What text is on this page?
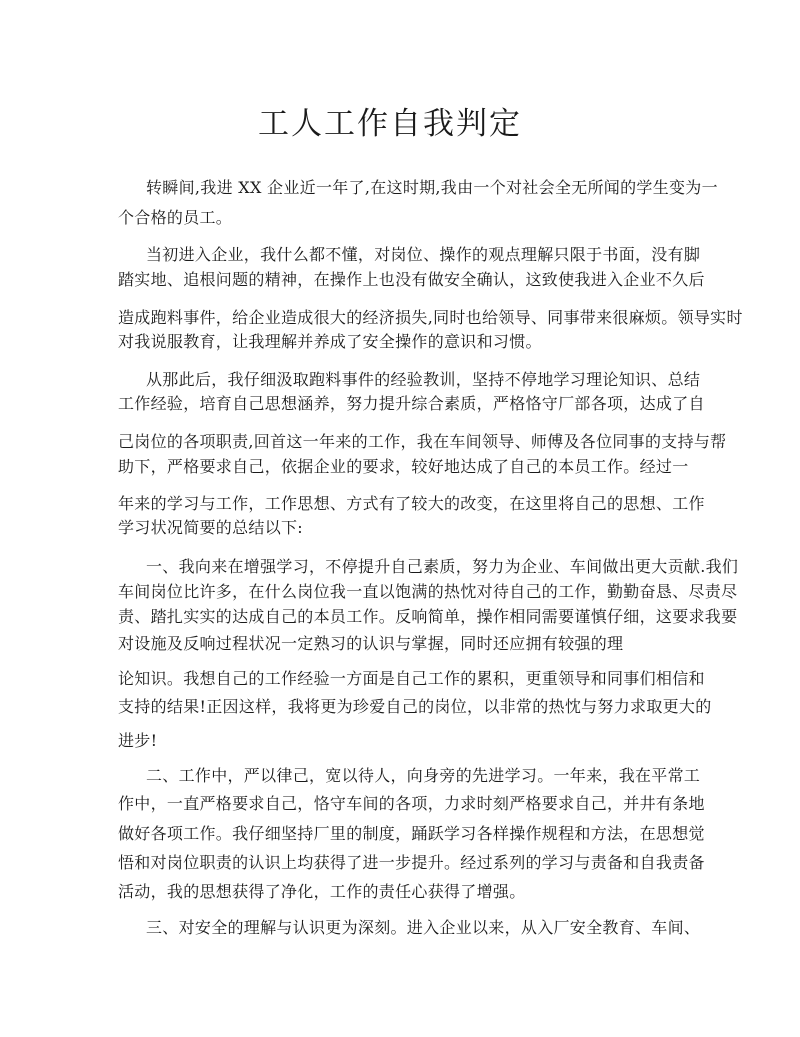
工人工作自我判定
转瞬间,我进 XX 企业近一年了,在这时期,我由一个对社会全无所闻的学生变为一
个合格的员工。
当初进入企业，我什么都不懂，对岗位、操作的观点理解只限于书面，没有脚
踏实地、追根问题的精神，在操作上也没有做安全确认，这致使我进入企业不久后
造成跑料事件，给企业造成很大的经济损失,同时也给领导、同事带来很麻烦。领导实时
对我说服教育，让我理解并养成了安全操作的意识和习惯。
从那此后，我仔细汲取跑料事件的经验教训，坚持不停地学习理论知识、总结
工作经验，培育自己思想涵养，努力提升综合素质，严格恪守厂部各项，达成了自
己岗位的各项职责,回首这一年来的工作，我在车间领导、师傅及各位同事的支持与帮
助下，严格要求自己，依据企业的要求，较好地达成了自己的本员工作。经过一
年来的学习与工作，工作思想、方式有了较大的改变，在这里将自己的思想、工作
学习状况简要的总结以下:
一、我向来在增强学习，不停提升自己素质，努力为企业、车间做出更大贡献.我们
车间岗位比许多，在什么岗位我一直以饱满的热忱对待自己的工作，勤勤奋恳、尽责尽
责、踏扎实实的达成自己的本员工作。反响简单，操作相同需要谨慎仔细，这要求我要
对设施及反响过程状况一定熟习的认识与掌握，同时还应拥有较强的理
论知识。我想自己的工作经验一方面是自己工作的累积，更重领导和同事们相信和
支持的结果!正因这样，我将更为珍爱自己的岗位，以非常的热忱与努力求取更大的
进步!
二、工作中，严以律己，宽以待人，向身旁的先进学习。一年来，我在平常工
作中，一直严格要求自己，恪守车间的各项，力求时刻严格要求自己，并井有条地
做好各项工作。我仔细坚持厂里的制度，踊跃学习各样操作规程和方法，在思想觉
悟和对岗位职责的认识上均获得了进一步提升。经过系列的学习与责备和自我责备
活动，我的思想获得了净化，工作的责任心获得了增强。
三、对安全的理解与认识更为深刻。进入企业以来，从入厂安全教育、车间、
